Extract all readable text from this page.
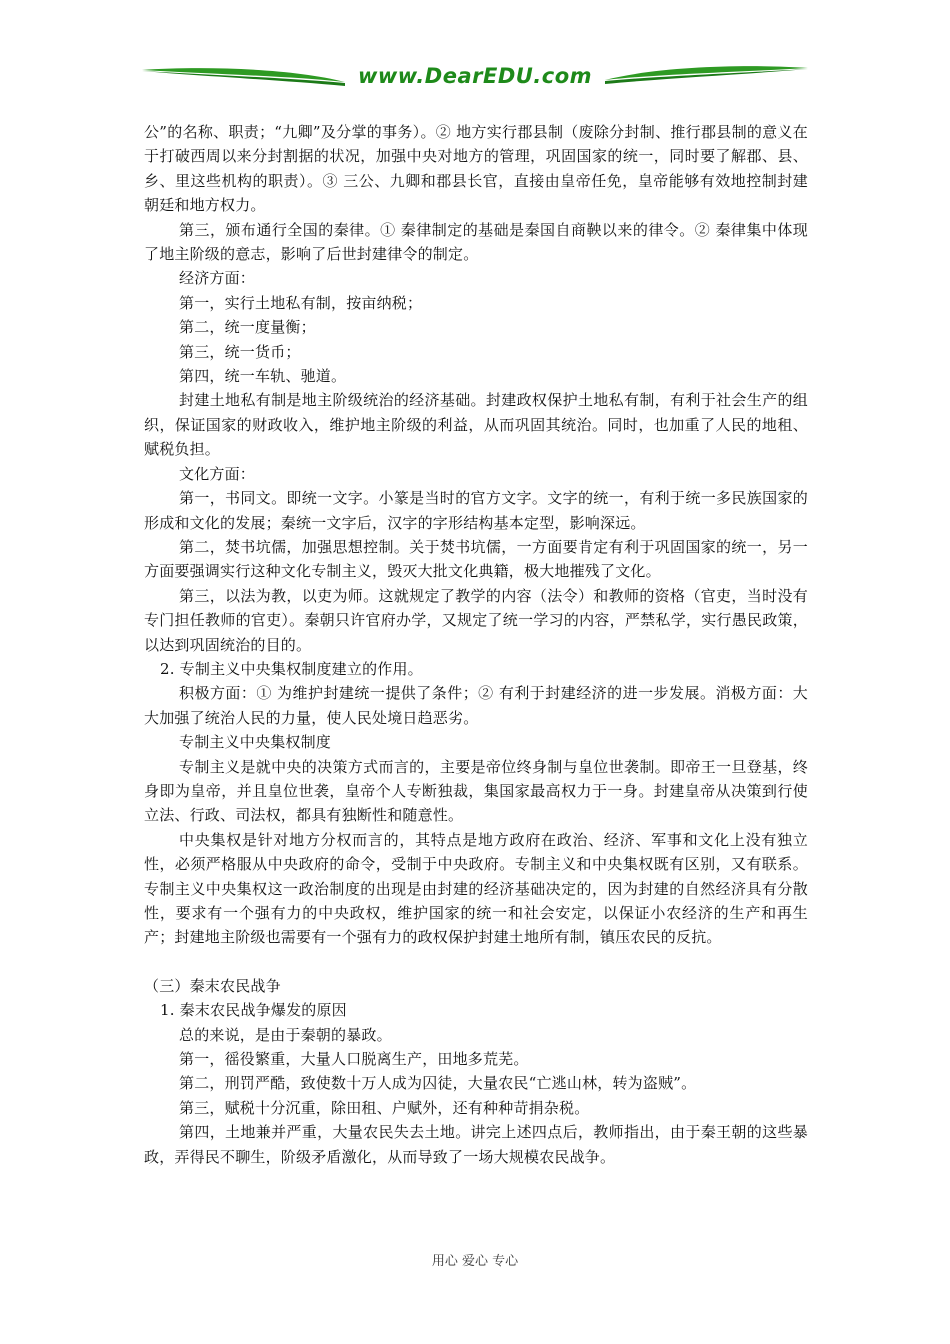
www.DearEDU.com

公”的名称、职责；“九卿”及分掌的事务）。② 地方实行郡县制（废除分封制、推行郡县制的意义在于打破西周以来分封割据的状况，加强中央对地方的管理，巩固国家的统一，同时要了解郡、县、乡、里这些机构的职责）。③ 三公、九卿和郡县长官，直接由皇帝任免，皇帝能够有效地控制封建朝廷和地方权力。

第三，颁布通行全国的秦律。① 秦律制定的基础是秦国自商鞅以来的律令。② 秦律集中体现了地主阶级的意志，影响了后世封建律令的制定。

经济方面：

第一，实行土地私有制，按亩纳税；

第二，统一度量衡；

第三，统一货币；

第四，统一车轨、驰道。

封建土地私有制是地主阶级统治的经济基础。封建政权保护土地私有制，有利于社会生产的组织，保证国家的财政收入，维护地主阶级的利益，从而巩固其统治。同时，也加重了人民的地租、赋税负担。

文化方面：

第一，书同文。即统一文字。小篆是当时的官方文字。文字的统一，有利于统一多民族国家的形成和文化的发展；秦统一文字后，汉字的字形结构基本定型，影响深远。

第二，焚书坑儒，加强思想控制。关于焚书坑儒，一方面要肯定有利于巩固国家的统一，另一方面要强调实行这种文化专制主义，毁灭大批文化典籍，极大地摧残了文化。

第三，以法为教，以吏为师。这就规定了教学的内容（法令）和教师的资格（官吏，当时没有专门担任教师的官吏）。秦朝只许官府办学，又规定了统一学习的内容，严禁私学，实行愚民政策，以达到巩固统治的目的。

2. 专制主义中央集权制度建立的作用。

积极方面：① 为维护封建统一提供了条件；② 有利于封建经济的进一步发展。消极方面：大大加强了统治人民的力量，使人民处境日趋恶劣。

专制主义中央集权制度

专制主义是就中央的决策方式而言的，主要是帝位终身制与皇位世袭制。即帝王一旦登基，终身即为皇帝，并且皇位世袭，皇帝个人专断独裁，集国家最高权力于一身。封建皇帝从决策到行使立法、行政、司法权，都具有独断性和随意性。

中央集权是针对地方分权而言的，其特点是地方政府在政治、经济、军事和文化上没有独立性，必须严格服从中央政府的命令，受制于中央政府。专制主义和中央集权既有区别，又有联系。专制主义中央集权这一政治制度的出现是由封建的经济基础决定的，因为封建的自然经济具有分散性，要求有一个强有力的中央政权，维护国家的统一和社会安定，以保证小农经济的生产和再生产；封建地主阶级也需要有一个强有力的政权保护封建土地所有制，镇压农民的反抗。

（三）秦末农民战争

1. 秦末农民战争爆发的原因

总的来说，是由于秦朝的暴政。

第一，徭役繁重，大量人口脱离生产，田地多荒芜。

第二，刑罚严酷，致使数十万人成为囚徒，大量农民“亡逃山林，转为盗贼”。

第三，赋税十分沉重，除田租、户赋外，还有种种苛捐杂税。

第四，土地兼并严重，大量农民失去土地。讲完上述四点后，教师指出，由于秦王朝的这些暴政，弄得民不聊生，阶级矛盾激化，从而导致了一场大规模农民战争。

用心 爱心 专心
